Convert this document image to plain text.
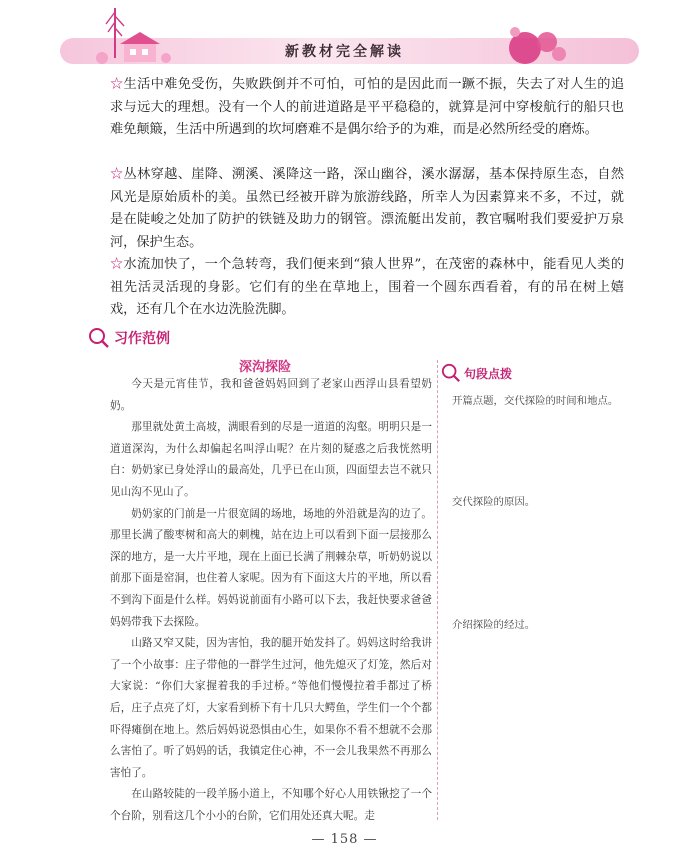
新教材完全解读

☆生活中难免受伤，失败跌倒并不可怕，可怕的是因此而一蹶不振，失去了对人生的追求与远大的理想。没有一个人的前进道路是平平稳稳的，就算是河中穿梭航行的船只也难免颠簸，生活中所遇到的坎坷磨难不是偶尔给予的为难，而是必然所经受的磨炼。

☆丛林穿越、崖降、溯溪、溪降这一路，深山幽谷，溪水潺潺，基本保持原生态，自然风光是原始质朴的美。虽然已经被开辟为旅游线路，所幸人为因素算来不多，不过，就是在陡峻之处加了防护的铁链及助力的钢管。漂流艇出发前，教官嘱咐我们要爱护万泉河，保护生态。

☆水流加快了，一个急转弯，我们便来到“猿人世界”，在茂密的森林中，能看见人类的祖先活灵活现的身影。它们有的坐在草地上，围着一个圆东西看着，有的吊在树上嬉戏，还有几个在水边洗脸洗脚。

习作范例
深沟探险

今天是元宵佳节，我和爸爸妈妈回到了老家山西浮山县看望奶奶。

那里就处黄土高坡，满眼看到的尽是一道道的沟壑。明明只是一道道深沟，为什么却偏起名叫浮山呢？在片刻的疑惑之后我恍然明白：奶奶家已身处浮山的最高处，几乎已在山顶，四面望去岂不就只见山沟不见山了。

奶奶家的门前是一片很宽阔的场地，场地的外沿就是沟的边了。那里长满了酸枣树和高大的刺槐，站在边上可以看到下面一层接那么深的地方，是一大片平地，现在上面已长满了荆棘杂草，听奶奶说以前那下面是窑洞，也住着人家呢。因为有下面这大片的平地，所以看不到沟下面是什么样。妈妈说前面有小路可以下去，我赶快要求爸爸妈妈带我下去探险。

山路又窄又陡，因为害怕，我的腿开始发抖了。妈妈这时给我讲了一个小故事：庄子带他的一群学生过河，他先熄灭了灯笼，然后对大家说：“你们大家握着我的手过桥。”等他们慢慢拉着手都过了桥后，庄子点亮了灯，大家看到桥下有十几只大鳄鱼，学生们一个个都吓得瘫倒在地上。然后妈妈说恐惧由心生，如果你不看不想就不会那么害怕了。听了妈妈的话，我镇定住心神，不一会儿我果然不再那么害怕了。

在山路较陡的一段羊肠小道上，不知哪个好心人用铁锹挖了一个个台阶，别看这几个小小的台阶，它们用处还真大呢。走

句段点拨
开篇点题，交代探险的时间和地点。
交代探险的原因。
介绍探险的经过。
— 158 —
